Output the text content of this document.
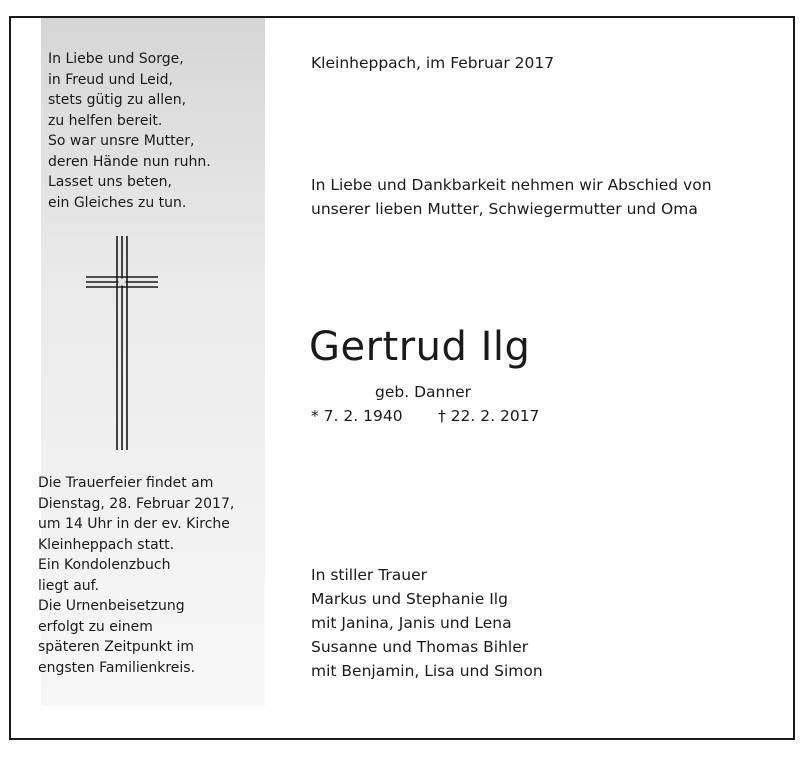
In Liebe und Sorge,
in Freud und Leid,
stets gütig zu allen,
zu helfen bereit.
So war unsre Mutter,
deren Hände nun ruhn.
Lasset uns beten,
ein Gleiches zu tun.
Die Trauerfeier findet am
Dienstag, 28. Februar 2017,
um 14 Uhr in der ev. Kirche
Kleinheppach statt.
Ein Kondolenzbuch
liegt auf.
Die Urnenbeisetzung
erfolgt zu einem
späteren Zeitpunkt im
engsten Familienkreis.
Kleinheppach, im Februar 2017
In Liebe und Dankbarkeit nehmen wir Abschied von
unserer lieben Mutter, Schwiegermutter und Oma
Gertrud Ilg
geb. Danner
* 7. 2. 1940 † 22. 2. 2017
In stiller Trauer
Markus und Stephanie Ilg
mit Janina, Janis und Lena
Susanne und Thomas Bihler
mit Benjamin, Lisa und Simon
